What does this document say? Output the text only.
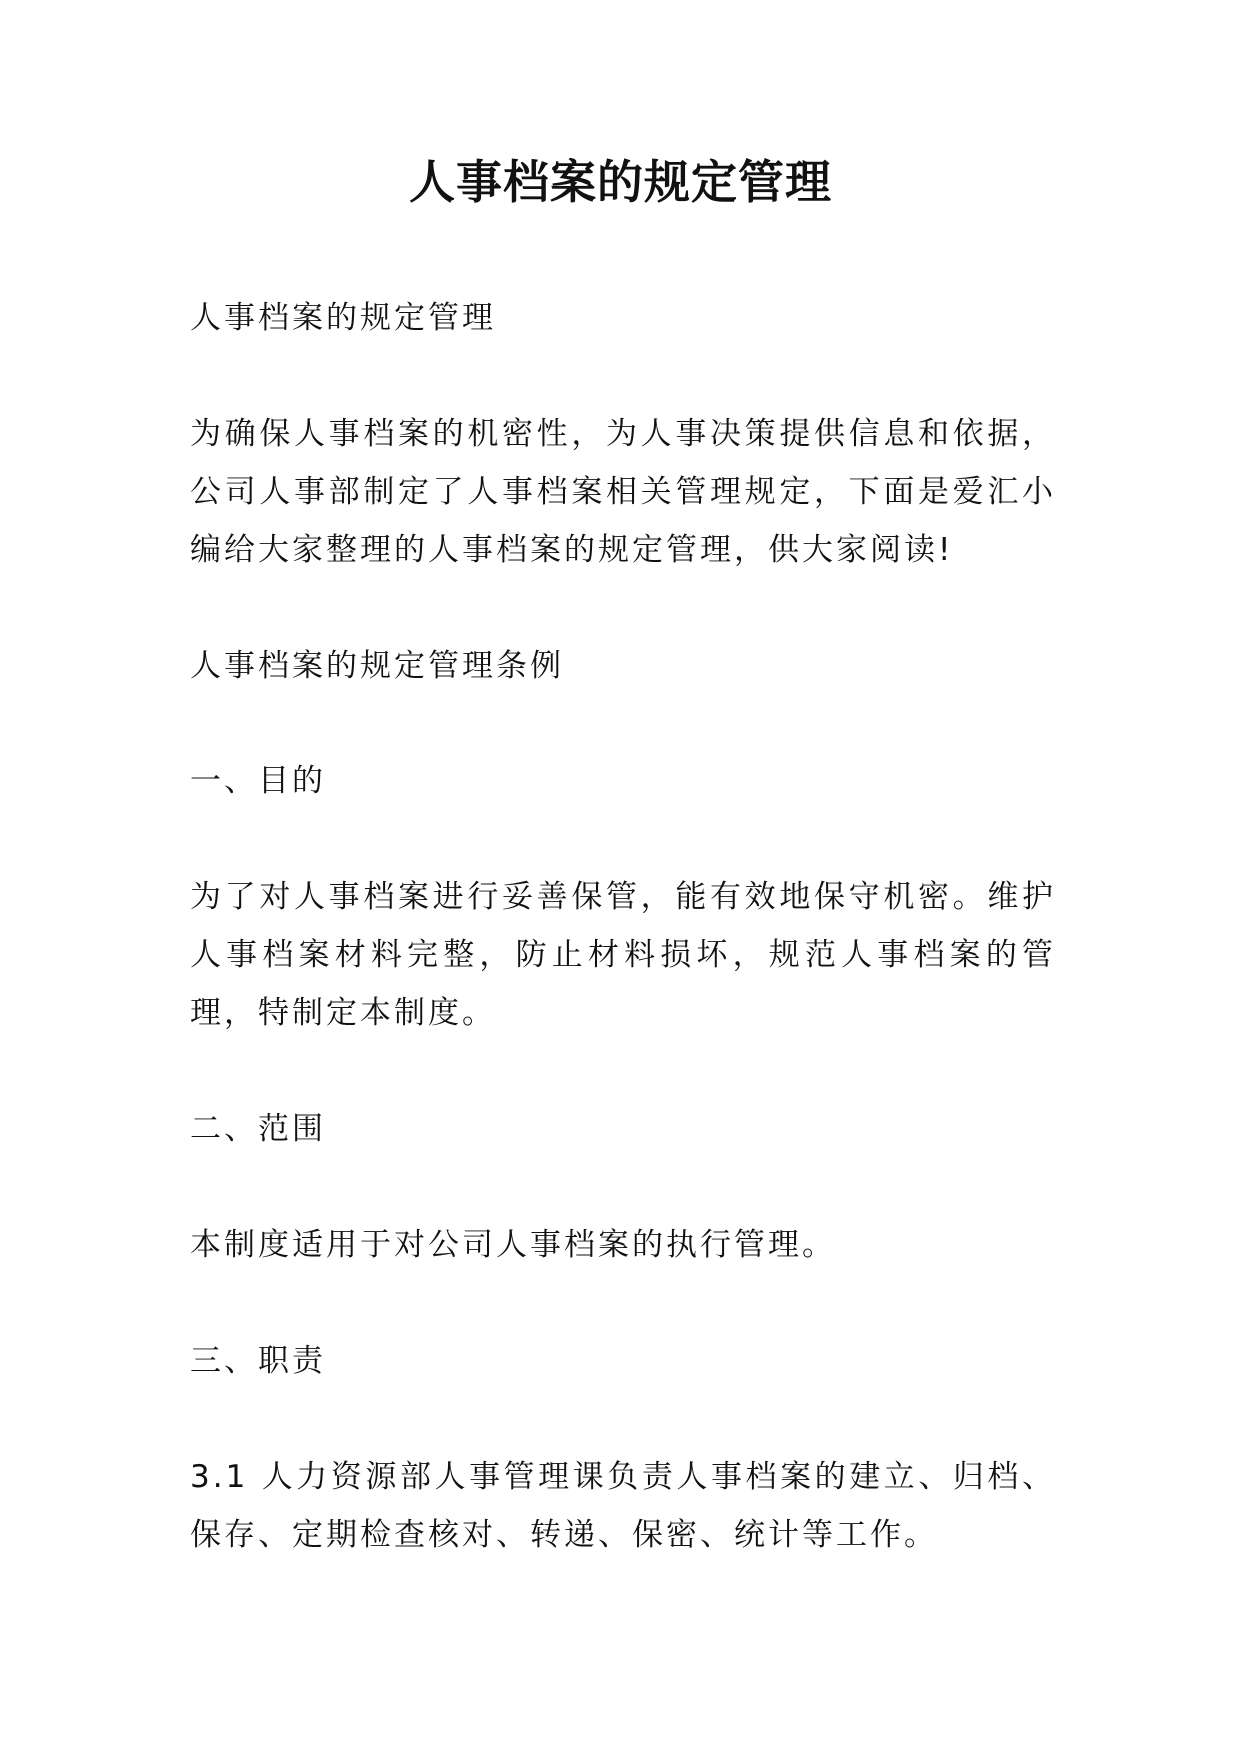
人事档案的规定管理

人事档案的规定管理

为确保人事档案的机密性，为人事决策提供信息和依据，公司人事部制定了人事档案相关管理规定，下面是爱汇小编给大家整理的人事档案的规定管理，供大家阅读!

人事档案的规定管理条例

一、目的

为了对人事档案进行妥善保管，能有效地保守机密。维护人事档案材料完整，防止材料损坏，规范人事档案的管理，特制定本制度。

二、范围

本制度适用于对公司人事档案的执行管理。

三、职责

3.1 人力资源部人事管理课负责人事档案的建立、归档、保存、定期检查核对、转递、保密、统计等工作。
